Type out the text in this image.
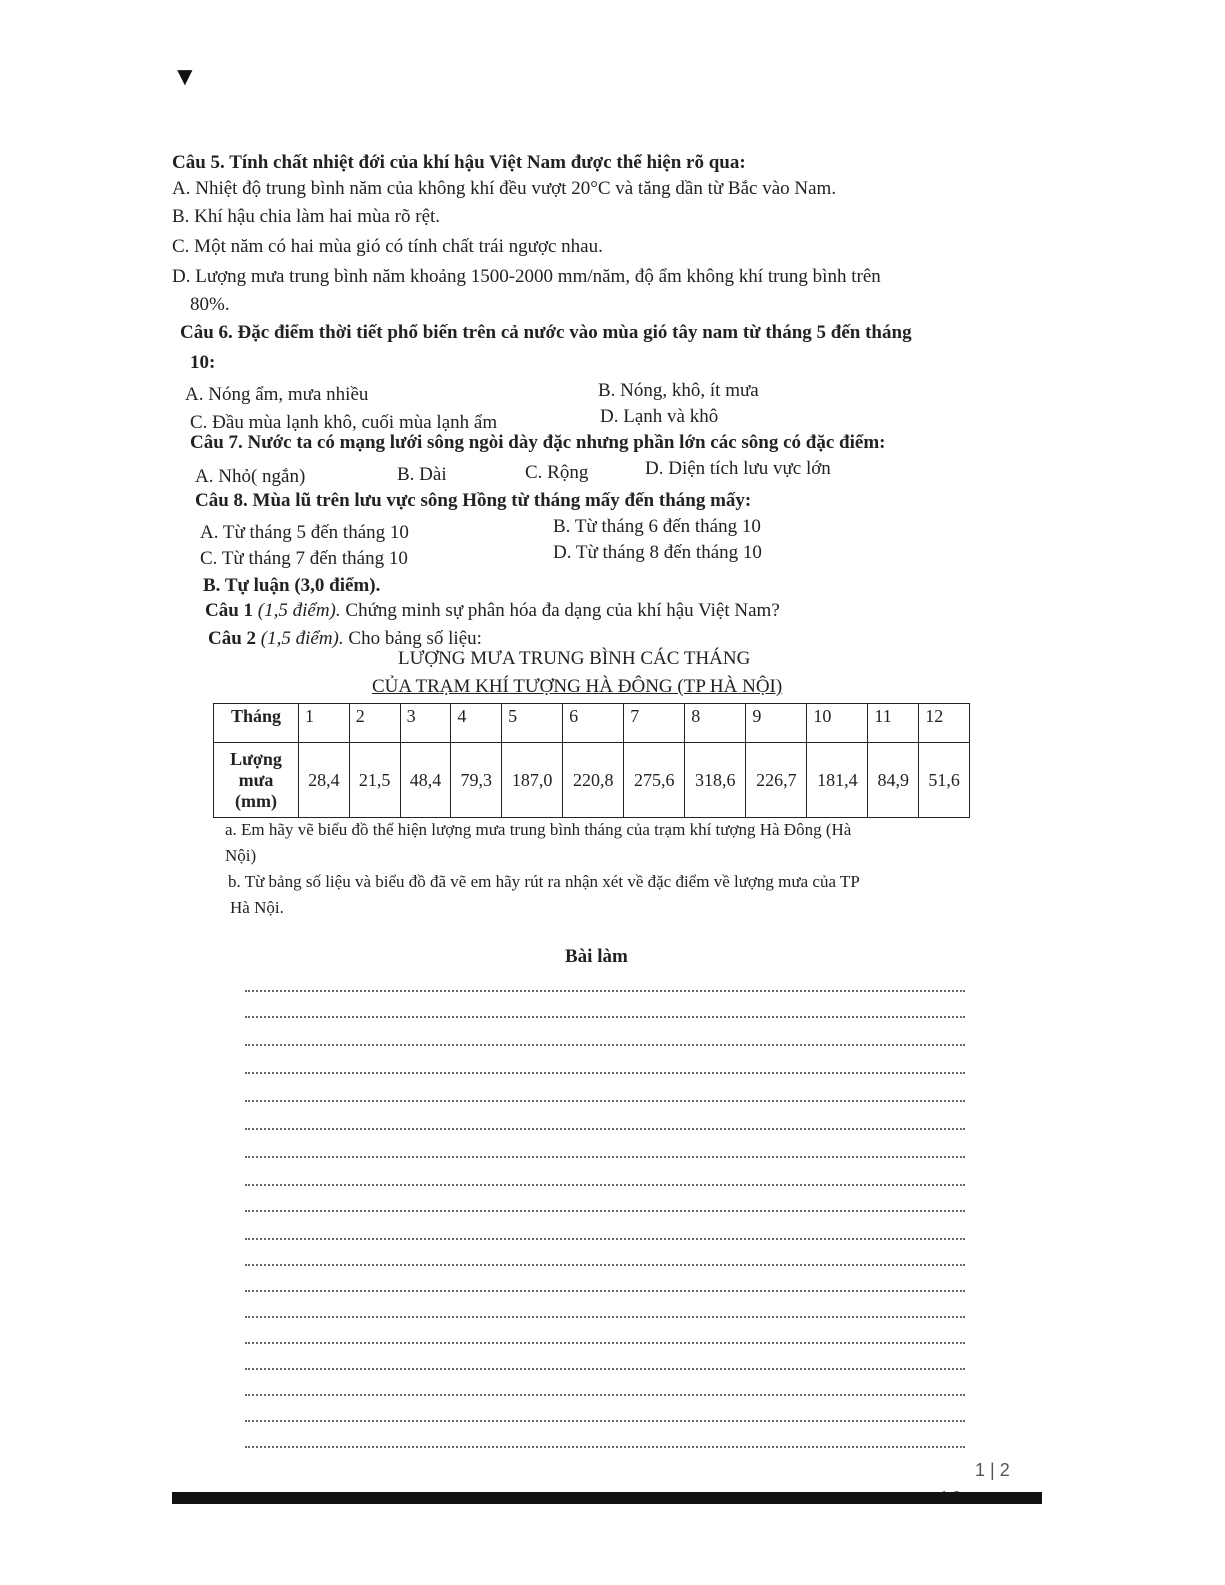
▼
Câu 5. Tính chất nhiệt đới của khí hậu Việt Nam được thể hiện rõ qua:
A. Nhiệt độ trung bình năm của không khí đều vượt 20°C và tăng dần từ Bắc vào Nam.
B. Khí hậu chia làm hai mùa rõ rệt.
C. Một năm có hai mùa gió có tính chất trái ngược nhau.
D. Lượng mưa trung bình năm khoảng 1500-2000 mm/năm, độ ẩm không khí trung bình trên
80%.
Câu 6. Đặc điểm thời tiết phổ biến trên cả nước vào mùa gió tây nam từ tháng 5 đến tháng
10:
A. Nóng ẩm, mưa nhiều	B. Nóng, khô, ít mưa
C. Đầu mùa lạnh khô, cuối mùa lạnh ẩm	D. Lạnh và khô
Câu 7. Nước ta có mạng lưới sông ngòi dày đặc nhưng phần lớn các sông có đặc điểm:
A. Nhỏ( ngắn)	B. Dài	C. Rộng	D. Diện tích lưu vực lớn
Câu 8. Mùa lũ trên lưu vực sông Hồng từ tháng mấy đến tháng mấy:
A. Từ tháng 5 đến tháng 10	B. Từ tháng 6 đến tháng 10
C. Từ tháng 7 đến tháng 10	D. Từ tháng 8 đến tháng 10
B. Tự luận (3,0 điểm).
Câu 1 (1,5 điểm). Chứng minh sự phân hóa đa dạng của khí hậu Việt Nam?
Câu 2 (1,5 điểm). Cho bảng số liệu:
LƯỢNG MƯA TRUNG BÌNH CÁC THÁNG
CỦA TRẠM KHÍ TƯỢNG HÀ ĐÔNG (TP HÀ NỘI)
Tháng	1	2	3	4	5	6	7	8	9	10	11	12

Lượng
mưa
(mm)	28,4	21,5	48,4	79,3	187,0	220,8	275,6	318,6	226,7	181,4	84,9	51,6
a. Em hãy vẽ biểu đồ thể hiện lượng mưa trung bình tháng của trạm khí tượng Hà Đông (Hà
Nội)
b. Từ bảng số liệu và biểu đồ đã vẽ em hãy rút ra nhận xét về đặc điểm về lượng mưa của TP
Hà Nội.
Bài làm
1 | 2
